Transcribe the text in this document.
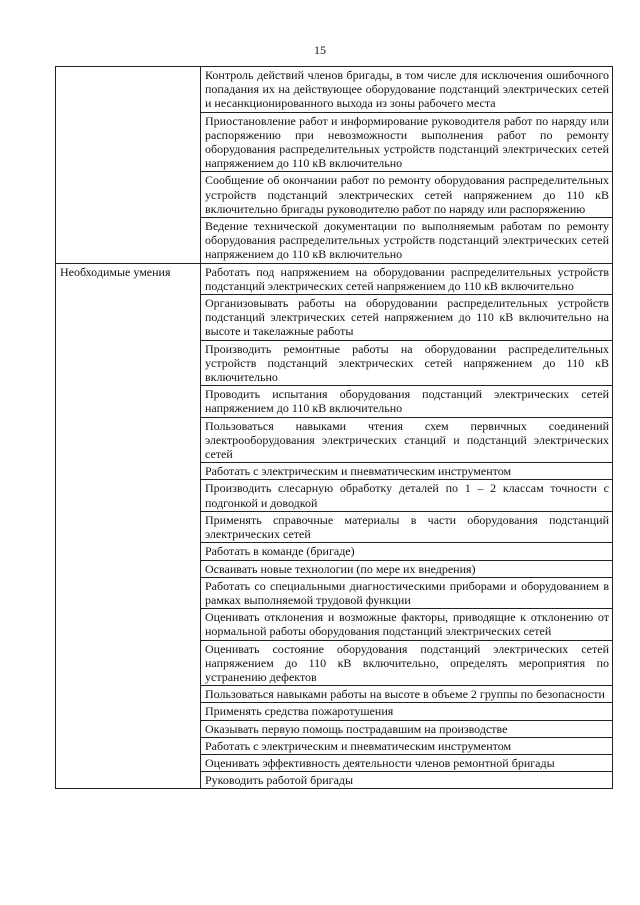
15
	Контроль действий членов бригады, в том числе для исключения ошибочного попадания их на действующее оборудование подстанций электрических сетей и несанкционированного выхода из зоны рабочего места
	Приостановление работ и информирование руководителя работ по наряду или распоряжению при невозможности выполнения работ по ремонту оборудования распределительных устройств подстанций электрических сетей напряжением до 110 кВ включительно
	Сообщение об окончании работ по ремонту оборудования распределительных устройств подстанций электрических сетей напряжением до 110 кВ включительно бригады руководителю работ по наряду или распоряжению
	Ведение технической документации по выполняемым работам по ремонту оборудования распределительных устройств подстанций электрических сетей напряжением до 110 кВ включительно
Необходимые умения	Работать под напряжением на оборудовании распределительных устройств подстанций электрических сетей напряжением до 110 кВ включительно
	Организовывать работы на оборудовании распределительных устройств подстанций электрических сетей напряжением до 110 кВ включительно на высоте и такелажные работы
	Производить ремонтные работы на оборудовании распределительных устройств подстанций электрических сетей напряжением до 110 кВ включительно
	Проводить испытания оборудования подстанций электрических сетей напряжением до 110 кВ включительно
	Пользоваться навыками чтения схем первичных соединений электрооборудования электрических станций и подстанций электрических сетей
	Работать с электрическим и пневматическим инструментом
	Производить слесарную обработку деталей по 1 – 2 классам точности с подгонкой и доводкой
	Применять справочные материалы в части оборудования подстанций электрических сетей
	Работать в команде (бригаде)
	Осваивать новые технологии (по мере их внедрения)
	Работать со специальными диагностическими приборами и оборудованием в рамках выполняемой трудовой функции
	Оценивать отклонения и возможные факторы, приводящие к отклонению от нормальной работы оборудования подстанций электрических сетей
	Оценивать состояние оборудования подстанций электрических сетей напряжением до 110 кВ включительно, определять мероприятия по устранению дефектов
	Пользоваться навыками работы на высоте в объеме 2 группы по безопасности
	Применять средства пожаротушения
	Оказывать первую помощь пострадавшим на производстве
	Работать с электрическим и пневматическим инструментом
	Оценивать эффективность деятельности членов ремонтной бригады
	Руководить работой бригады
